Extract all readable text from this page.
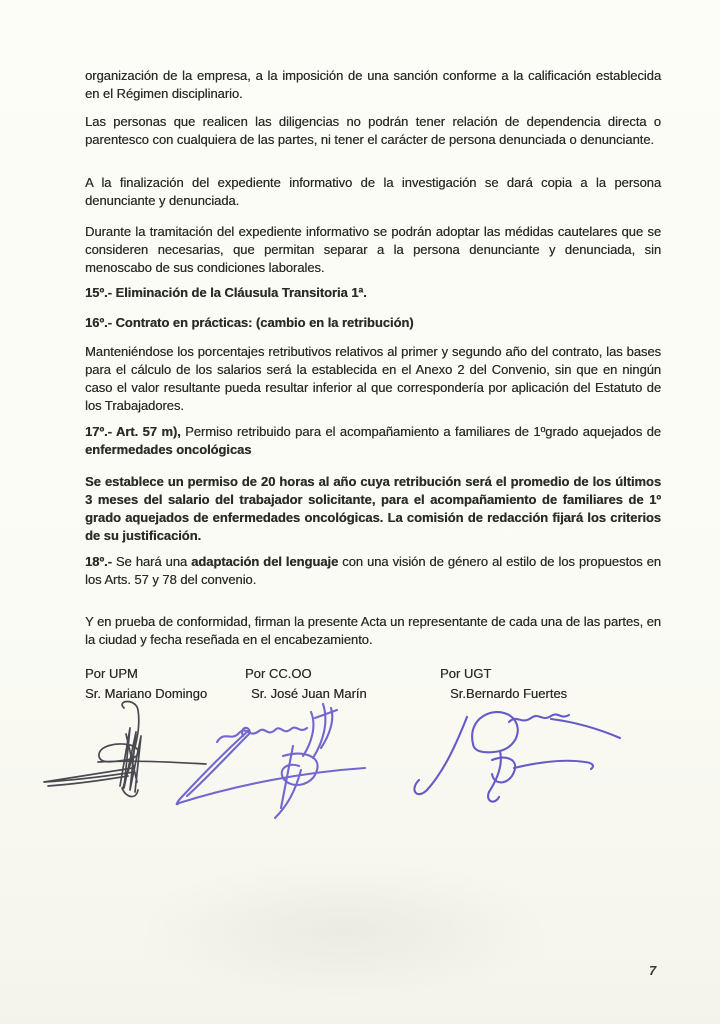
organización de la empresa, a la imposición de una sanción conforme a la calificación establecida en el Régimen disciplinario.

Las personas que realicen las diligencias no podrán tener relación de dependencia directa o parentesco con cualquiera de las partes, ni tener el carácter de persona denunciada o denunciante.

A la finalización del expediente informativo de la investigación se dará copia a la persona denunciante y denunciada.

Durante la tramitación del expediente informativo se podrán adoptar las médidas cautelares que se consideren necesarias, que permitan separar a la persona denunciante y denunciada, sin menoscabo de sus condiciones laborales.

15º.- Eliminación de la Cláusula Transitoria 1ª.

16º.- Contrato en prácticas: (cambio en la retribución)

Manteniéndose los porcentajes retributivos relativos al primer y segundo año del contrato, las bases para el cálculo de los salarios será la establecida en el Anexo 2 del Convenio, sin que en ningún caso el valor resultante pueda resultar inferior al que correspondería por aplicación del Estatuto de los Trabajadores.

17º.- Art. 57 m), Permiso retribuido para el acompañamiento a familiares de 1ºgrado aquejados de enfermedades oncológicas

Se establece un permiso de 20 horas al año cuya retribución será el promedio de los últimos 3 meses del salario del trabajador solicitante, para el acompañamiento de familiares de 1º grado aquejados de enfermedades oncológicas. La comisión de redacción fijará los criterios de su justificación.

18º.- Se hará una adaptación del lenguaje con una visión de género al estilo de los propuestos en los Arts. 57 y 78 del convenio.

Y en prueba de conformidad, firman la presente Acta un representante de cada una de las partes, en la ciudad y fecha reseñada en el encabezamiento.

Por UPM
Sr. Mariano Domingo
Por CC.OO
Sr. José Juan Marín
Por UGT
Sr.Bernardo Fuertes
7
